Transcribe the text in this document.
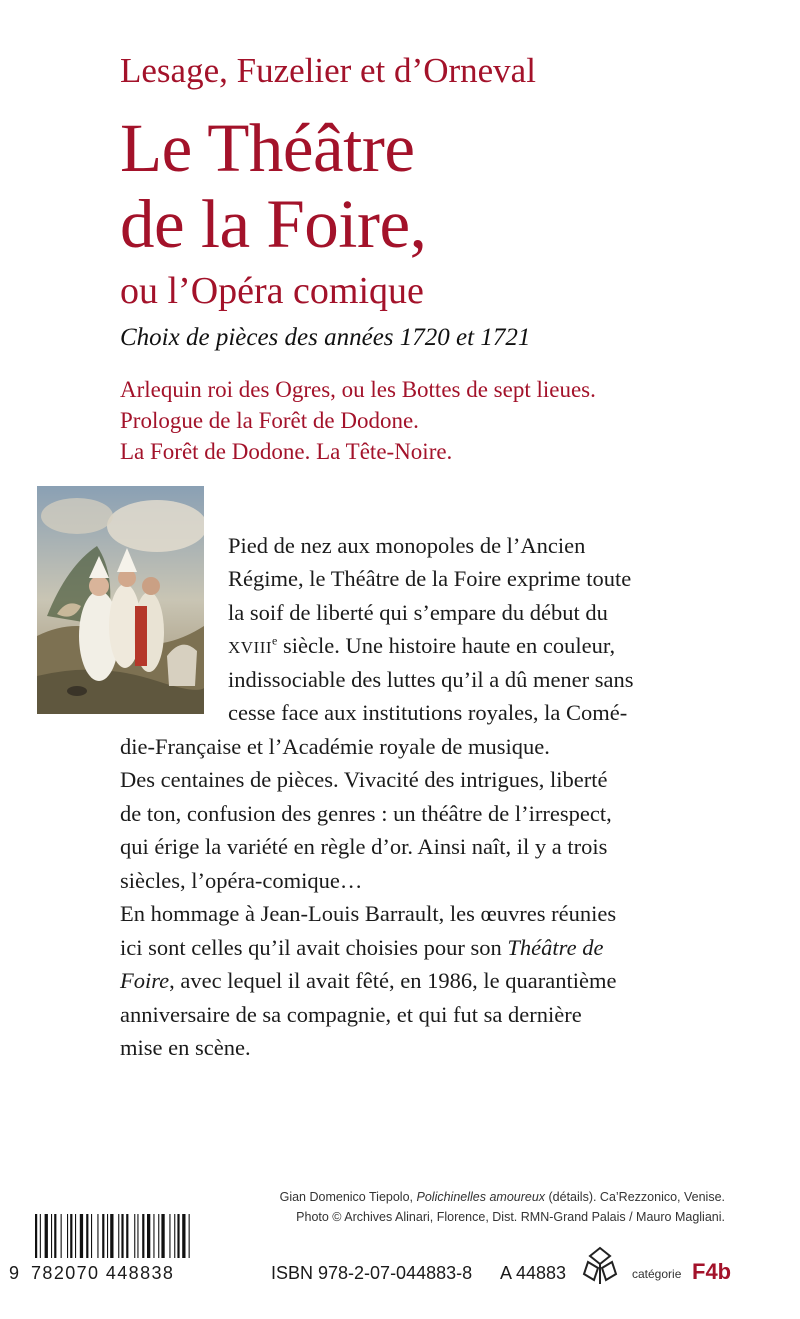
Lesage, Fuzelier et d’Orneval
Le Théâtre
de la Foire,
ou l’Opéra comique
Choix de pièces des années 1720 et 1721
Arlequin roi des Ogres, ou les Bottes de sept lieues.
Prologue de la Forêt de Dodone.
La Forêt de Dodone. La Tête-Noire.
Pied de nez aux monopoles de l’Ancien
Régime, le Théâtre de la Foire exprime toute
la soif de liberté qui s’empare du début du
XVIIIe siècle. Une histoire haute en couleur,
indissociable des luttes qu’il a dû mener sans
cesse face aux institutions royales, la Comé-
die-Française et l’Académie royale de musique.
Des centaines de pièces. Vivacité des intrigues, liberté
de ton, confusion des genres : un théâtre de l’irrespect,
qui érige la variété en règle d’or. Ainsi naît, il y a trois
siècles, l’opéra-comique…
En hommage à Jean-Louis Barrault, les œuvres réunies
ici sont celles qu’il avait choisies pour son Théâtre de
Foire, avec lequel il avait fêté, en 1986, le quarantième
anniversaire de sa compagnie, et qui fut sa dernière
mise en scène.
Gian Domenico Tiepolo, Polichinelles amoureux (détails). Ca’Rezzonico, Venise.
Photo © Archives Alinari, Florence, Dist. RMN-Grand Palais / Mauro Magliani.
9 782070 448838	ISBN 978-2-07-044883-8 A 44883	catégorie F4b
